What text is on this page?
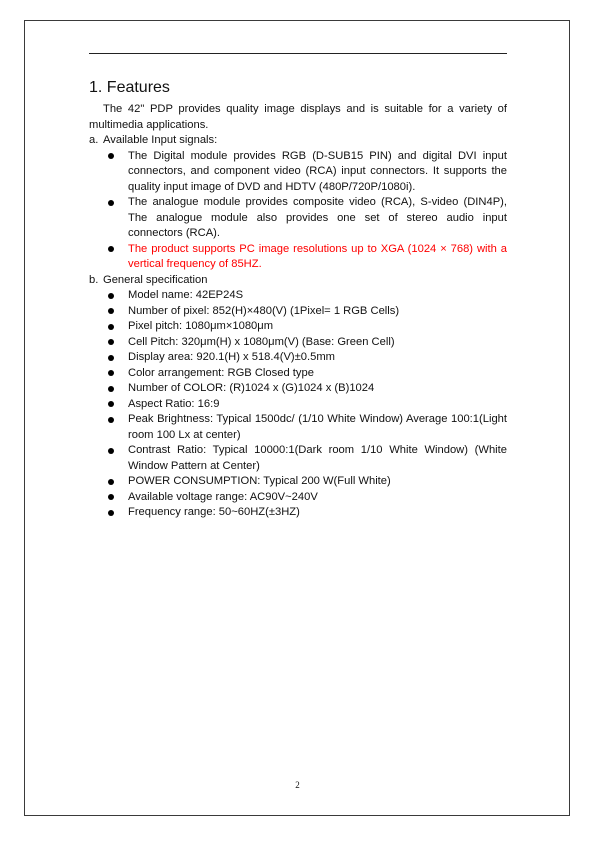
1. Features

The 42" PDP provides quality image displays and is suitable for a variety of multimedia applications.

a. Available Input signals:

The Digital module provides RGB (D-SUB15 PIN) and digital DVI input connectors, and component video (RCA) input connectors. It supports the quality input image of DVD and HDTV (480P/720P/1080i).
The analogue module provides composite video (RCA), S-video (DIN4P), The analogue module also provides one set of stereo audio input connectors (RCA).
The product supports PC image resolutions up to XGA (1024 × 768) with a vertical frequency of 85HZ.

b. General specification

Model name: 42EP24S
Number of pixel: 852(H)×480(V) (1Pixel= 1 RGB Cells)
Pixel pitch: 1080μm×1080μm
Cell Pitch: 320μm(H) x 1080μm(V) (Base: Green Cell)
Display area: 920.1(H) x 518.4(V)±0.5mm
Color arrangement: RGB Closed type
Number of COLOR: (R)1024 x (G)1024 x (B)1024
Aspect Ratio: 16:9
Peak Brightness: Typical 1500dc/ (1/10 White Window) Average 100:1(Light room 100 Lx at center)
Contrast Ratio: Typical 10000:1(Dark room 1/10 White Window) (White Window Pattern at Center)
POWER CONSUMPTION: Typical 200 W(Full White)
Available voltage range: AC90V~240V
Frequency range: 50~60HZ(±3HZ)
2
